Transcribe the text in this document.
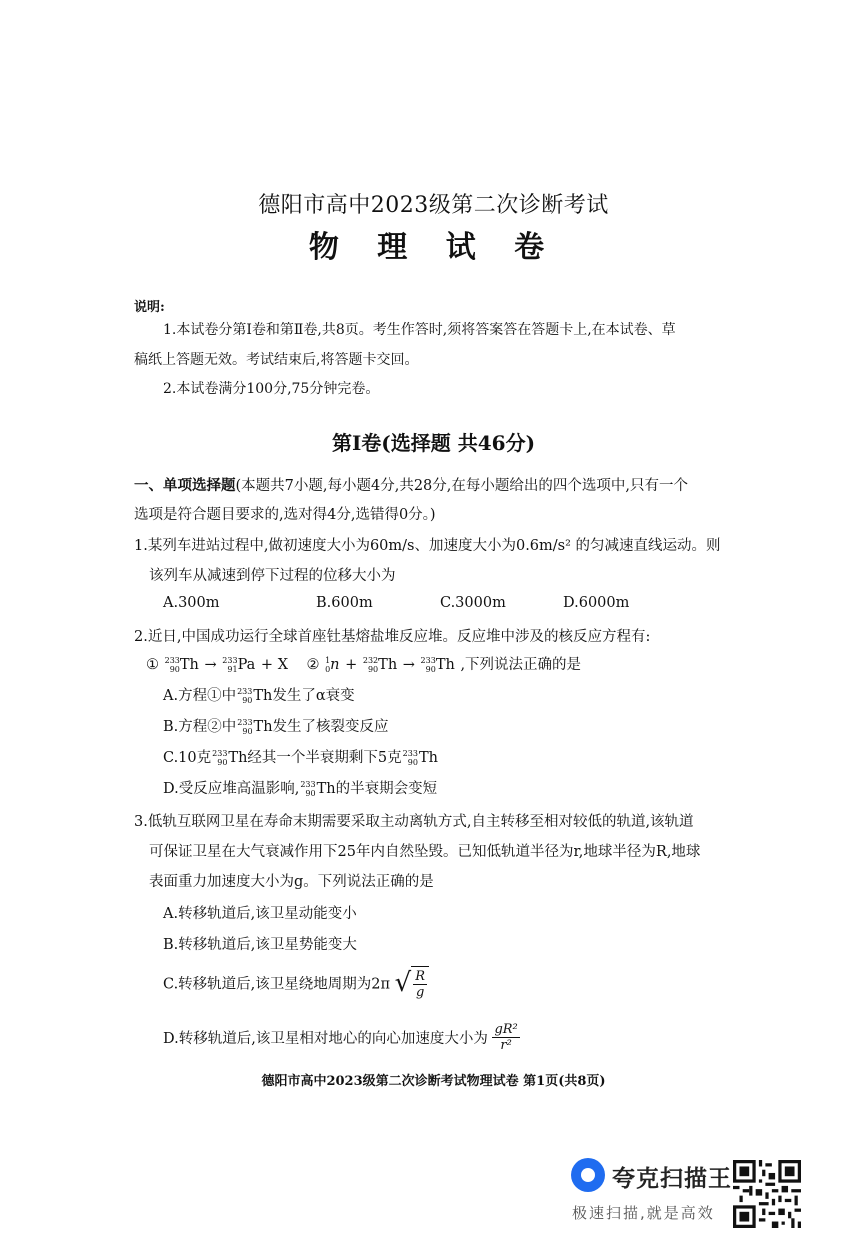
德阳市高中2023级第二次诊断考试
物 理 试 卷
说明:
1.本试卷分第Ⅰ卷和第Ⅱ卷,共8页。考生作答时,须将答案答在答题卡上,在本试卷、草
稿纸上答题无效。考试结束后,将答题卡交回。
2.本试卷满分100分,75分钟完卷。
第Ⅰ卷(选择题 共46分)
一、单项选择题(本题共7小题,每小题4分,共28分,在每小题给出的四个选项中,只有一个
选项是符合题目要求的,选对得4分,选错得0分。)
1.某列车进站过程中,做初速度大小为60m/s、加速度大小为0.6m/s² 的匀减速直线运动。则
该列车从减速到停下过程的位移大小为
A.300m	B.600m	C.3000m	D.6000m
2.近日,中国成功运行全球首座钍基熔盐堆反应堆。反应堆中涉及的核反应方程有:
① 233
90 Th → 233
91 Pa + X ② 1
0 n + 232
90 Th → 233
90 Th ,下列说法正确的是
A.方程①中 233
90 Th发生了α衰变
B.方程②中 233
90 Th发生了核裂变反应
C.10克 233
90 Th经其一个半衰期剩下5克 233
90 Th
D.受反应堆高温影响, 233
90 Th的半衰期会变短
3.低轨互联网卫星在寿命末期需要采取主动离轨方式,自主转移至相对较低的轨道,该轨道
可保证卫星在大气衰减作用下25年内自然坠毁。已知低轨道半径为r,地球半径为R,地球
表面重力加速度大小为g。下列说法正确的是
A.转移轨道后,该卫星动能变小
B.转移轨道后,该卫星势能变大
C.转移轨道后,该卫星绕地周期为2π √ $\frac{R}{g}$
D.转移轨道后,该卫星相对地心的向心加速度大小为 $\frac{\text{gR²}}{\text{r²}}$
德阳市高中2023级第二次诊断考试物理试卷 第1页(共8页)
夸克扫描王
极速扫描,就是高效
